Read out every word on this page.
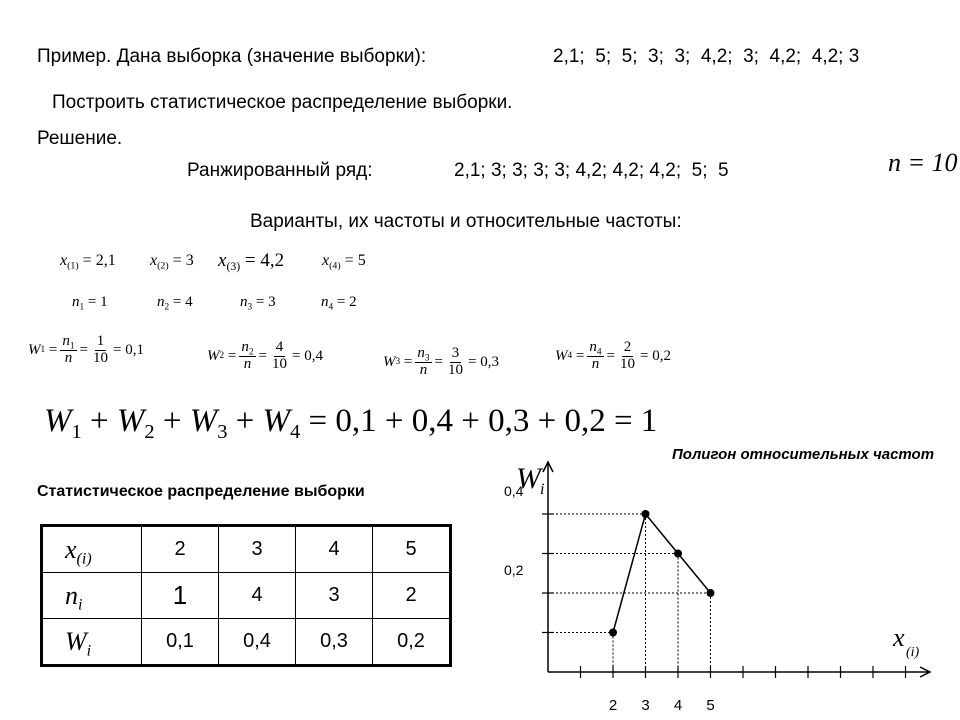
Пример. Дана выборка (значение выборки):	2,1;  5;  5;  3;  3;  4,2;  3;  4,2;  4,2; 3
Построить статистическое распределение выборки.
Решение.
Ранжированный ряд:	2,1; 3; 3; 3; 3; 4,2; 4,2; 4,2;  5;  5	n = 10
Варианты, их частоты и относительные частоты:
$x_{(1)} = 2,1$ $x_{(2)} = 3$ $x_{(3)} = 4,2$ $x_{(4)} = 5$
$n_1 = 1$	$n_2 = 4$	$n_3 = 3$	$n_4 = 2$
W $1 = \frac{n_1}{n} = \frac{1}{10} = 0,1$	W $2 = \frac{n_2}{n} = \frac{4}{10} = 0,4$	W $3 = \frac{n_3}{n} = \frac{3}{10} = 0,3$	W $4 = \frac{n_4}{n} = \frac{2}{10} = 0,2$
$W_1 + W_2 + W_3 + W_4 = 0,1 + 0,4 + 0,3 + 0,2 = 1$
Статистическое распределение выборки
$x_{(i)}$	2	3	4	5
$n_i$	1	4	3	2
$W_i$	0,1	0,4	0,3	0,2
Полигон относительных частот
2 3 4 5
0,2
0,4
W i
x
(i)
